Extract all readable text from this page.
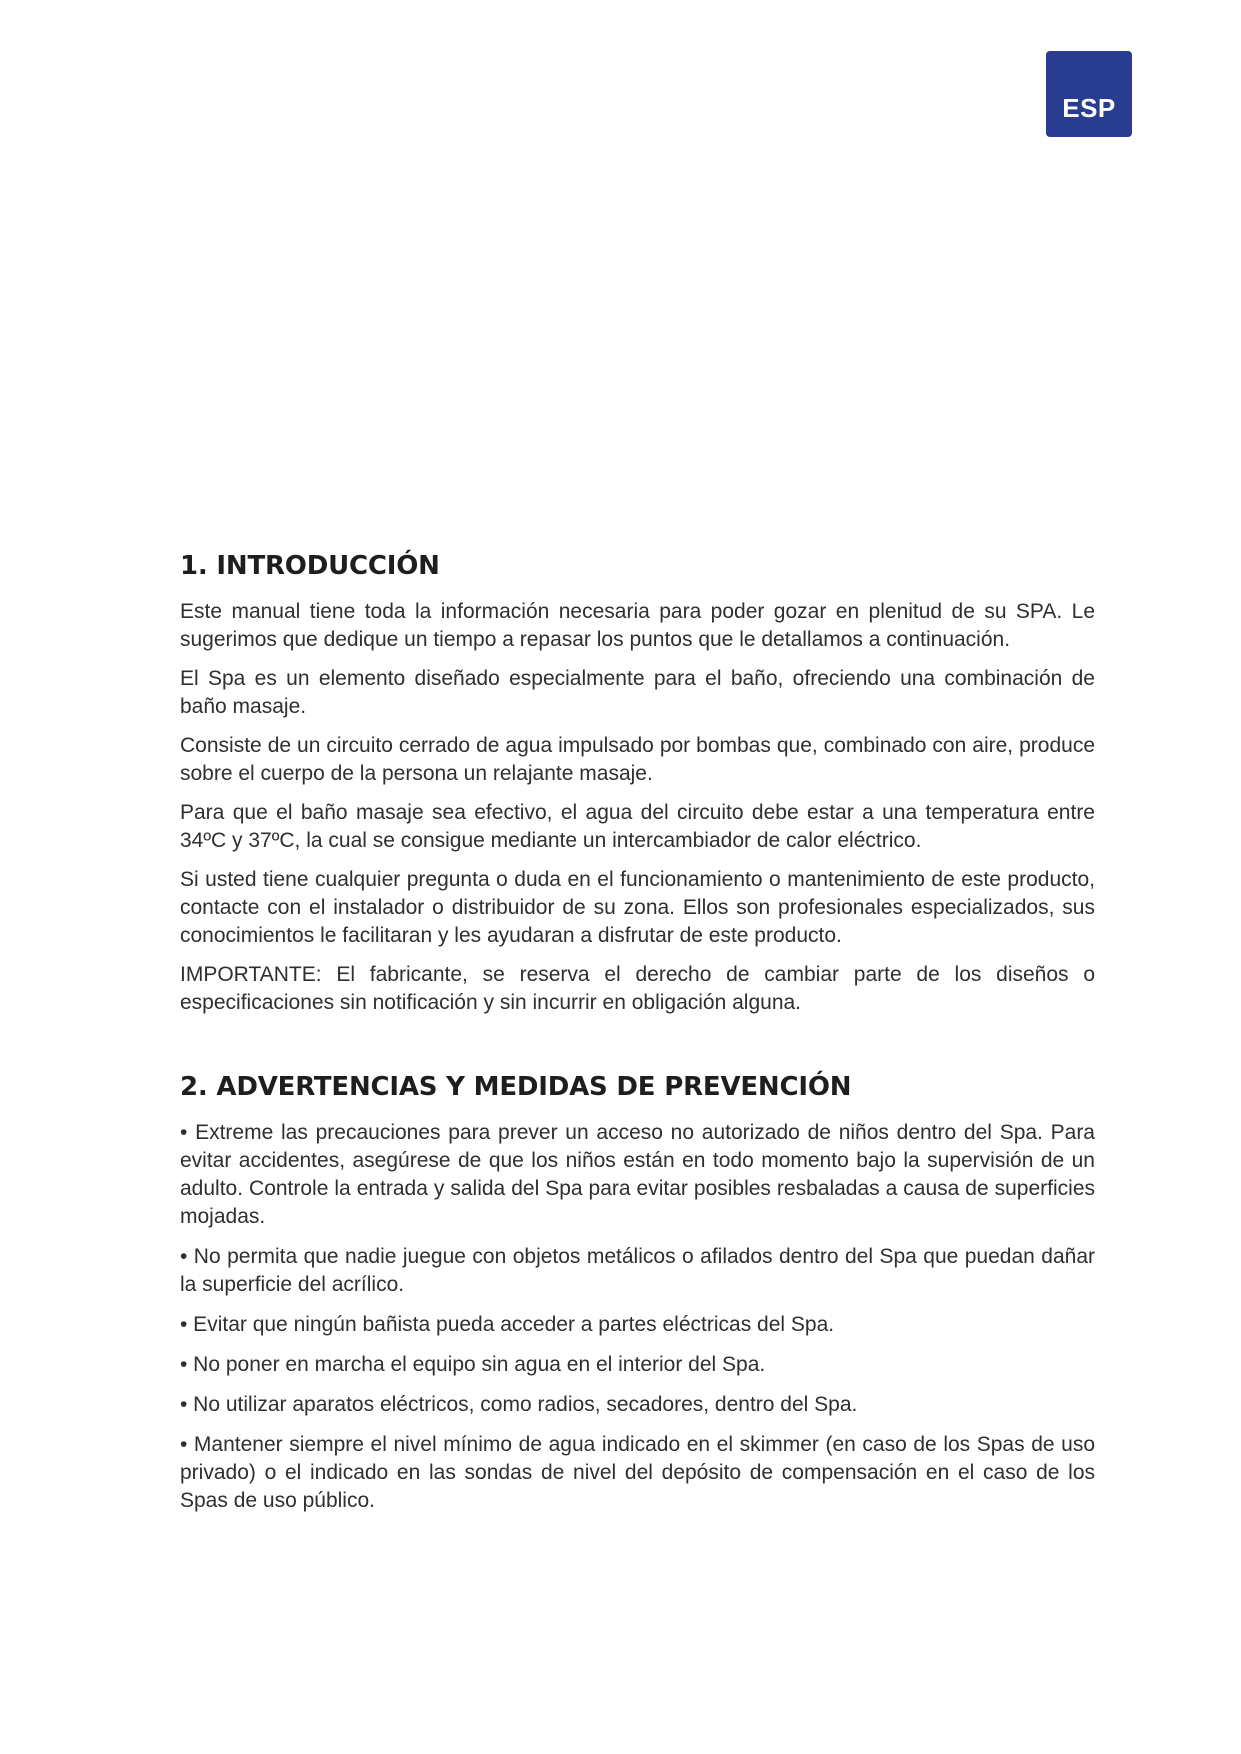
ESP
1. INTRODUCCIÓN

Este manual tiene toda la información necesaria para poder gozar en plenitud de su SPA. Le sugerimos que dedique un tiempo a repasar los puntos que le detallamos a continuación.

El Spa es un elemento diseñado especialmente para el baño, ofreciendo una combinación de baño masaje.

Consiste de un circuito cerrado de agua impulsado por bombas que, combinado con aire, produce sobre el cuerpo de la persona un relajante masaje.

Para que el baño masaje sea efectivo, el agua del circuito debe estar a una temperatura entre 34ºC y 37ºC, la cual se consigue mediante un intercambiador de calor eléctrico.

Si usted tiene cualquier pregunta o duda en el funcionamiento o mantenimiento de este producto, contacte con el instalador o distribuidor de su zona. Ellos son profesionales especializados, sus conocimientos le facilitaran y les ayudaran a disfrutar de este producto.

IMPORTANTE: El fabricante, se reserva el derecho de cambiar parte de los diseños o especificaciones sin notificación y sin incurrir en obligación alguna.

2. ADVERTENCIAS Y MEDIDAS DE PREVENCIÓN

• Extreme las precauciones para prever un acceso no autorizado de niños dentro del Spa. Para evitar accidentes, asegúrese de que los niños están en todo momento bajo la supervisión de un adulto. Controle la entrada y salida del Spa para evitar posibles resbaladas a causa de superficies mojadas.

• No permita que nadie juegue con objetos metálicos o afilados dentro del Spa que puedan dañar la superficie del acrílico.

• Evitar que ningún bañista pueda acceder a partes eléctricas del Spa.

• No poner en marcha el equipo sin agua en el interior del Spa.

• No utilizar aparatos eléctricos, como radios, secadores, dentro del Spa.

• Mantener siempre el nivel mínimo de agua indicado en el skimmer (en caso de los Spas de uso privado) o el indicado en las sondas de nivel del depósito de compensación en el caso de los Spas de uso público.
